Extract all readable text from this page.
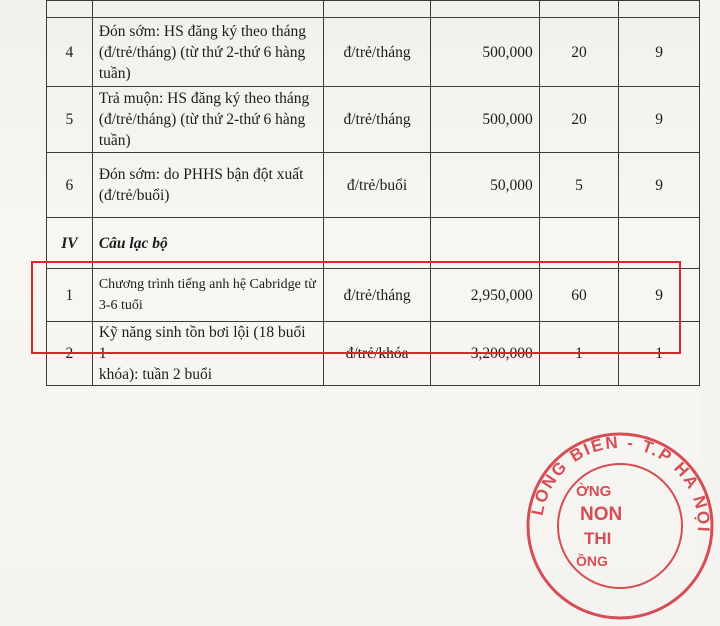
4	Đón sớm: HS đăng ký theo tháng
(đ/trẻ/tháng) (từ thứ 2-thứ 6 hàng
tuần)	đ/trẻ/tháng	500,000	20	9
5	Trả muộn: HS đăng ký theo tháng
(đ/trẻ/tháng) (từ thứ 2-thứ 6 hàng
tuần)	đ/trẻ/tháng	500,000	20	9
6	Đón sớm: do PHHS bận đột xuất
(đ/trẻ/buổi)	đ/trẻ/buổi	50,000	5	9
IV	Câu lạc bộ				
1	Chương trình tiếng anh hệ Cabridge từ
3-6 tuổi	đ/trẻ/tháng	2,950,000	60	9
2	Kỹ năng sinh tồn bơi lội (18 buổi 1
khóa): tuần 2 buổi	đ/trẻ/khóa	3,200,000	1	1
LONG BIÊN - T.P HÀ NỘI
ỜNG
NON
THI
ỒNG
